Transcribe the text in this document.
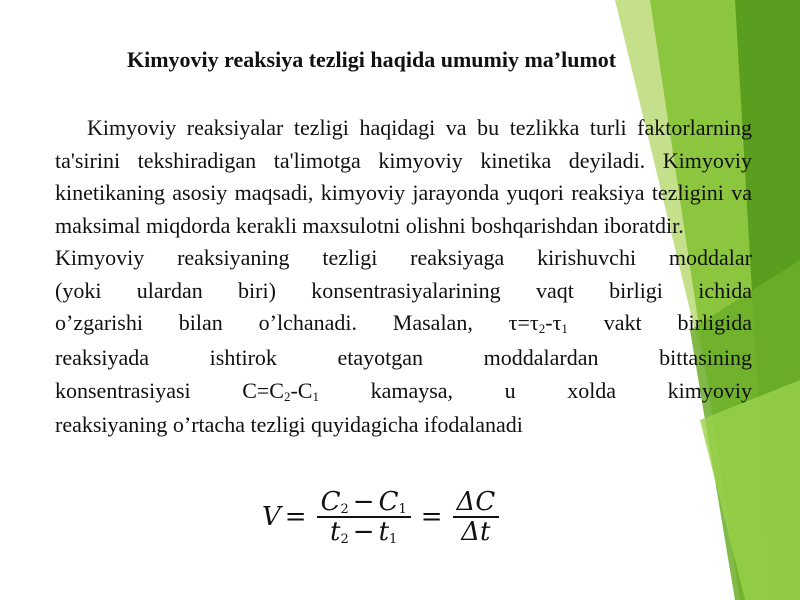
Kimyoviy reaksiya tezligi haqida umumiy ma’lumot

Kimyoviy reaksiyalar tezligi haqidagi va bu tezlikka turli faktorlarning ta'sirini tekshiradigan ta'limotga kimyoviy kinetika deyiladi. Kimyoviy kinetikaning asosiy maqsadi, kimyoviy jarayonda yuqori reaksiya tezligini va maksimal miqdorda kerakli maxsulotni olishni boshqarishdan iboratdir.

Kimyoviy reaksiyaning tezligi reaksiyaga kirishuvchi moddalar
(yoki ulardan biri) konsentrasiyalarining vaqt birligi ichida
o’zgarishi bilan o’lchanadi. Masalan, $\tau=\tau_2-\tau_1$ vakt birligida
reaksiyada ishtirok etayotgan moddalardan bittasining
konsentrasiyasi $C=C_2-C_1$ kamaysa, u xolda kimyoviy
reaksiyaning o’rtacha tezligi quyidagicha ifodalanadi
$V = \frac{C_2 - C_1}{t_2 - t_1} = \frac{\Delta C}{\Delta t}$
